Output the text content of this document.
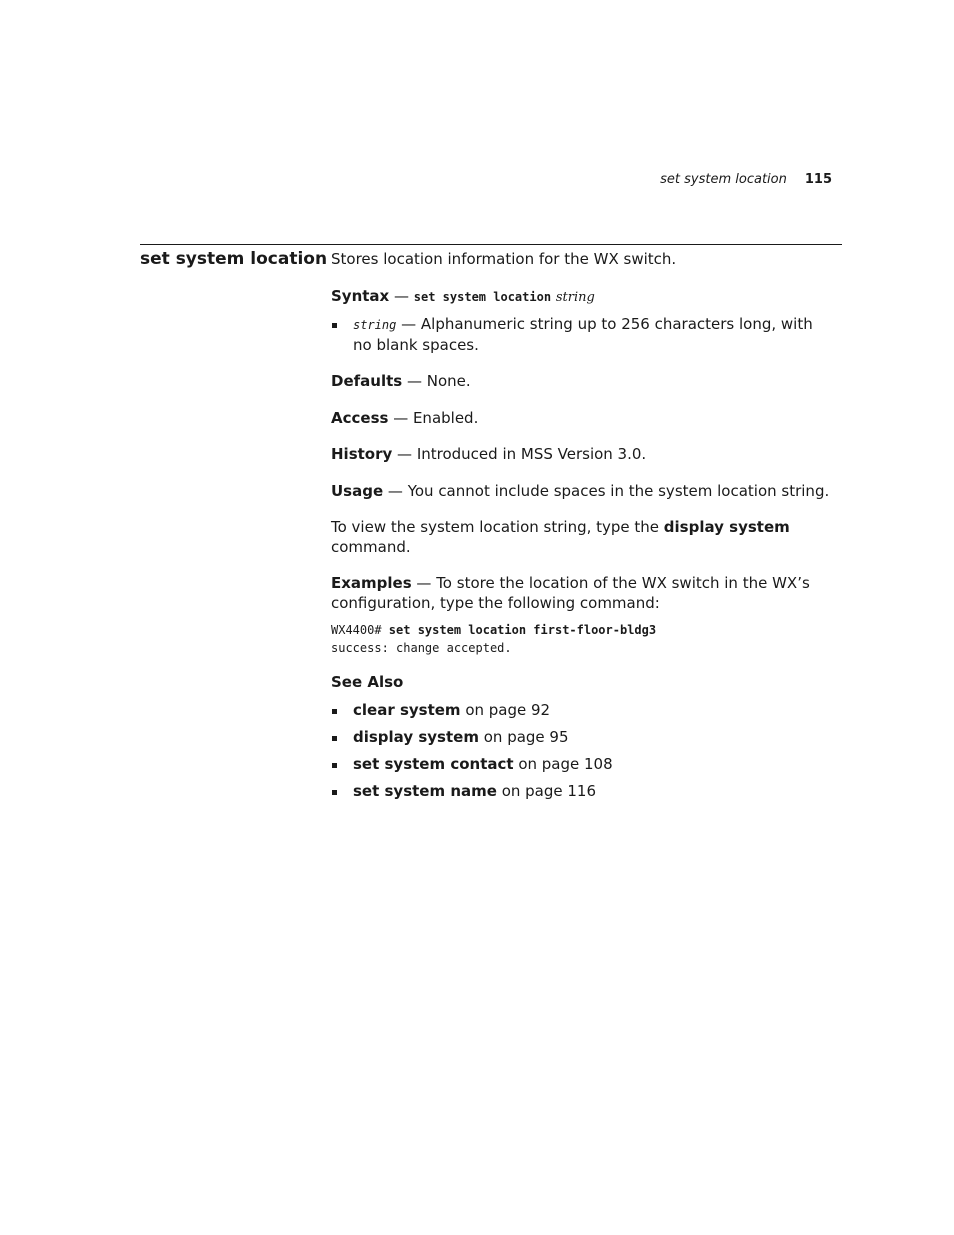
set system location 115
set system location Stores location information for the WX switch.

Syntax — set system location string

string — Alphanumeric string up to 256 characters long, with no blank spaces.

Defaults — None.

Access — Enabled.

History — Introduced in MSS Version 3.0.

Usage — You cannot include spaces in the system location string.

To view the system location string, type the display system command.

Examples — To store the location of the WX switch in the WX’s configuration, type the following command:

WX4400# set system location first-floor-bldg3
success: change accepted.

See Also

clear system on page 92
display system on page 95
set system contact on page 108
set system name on page 116
